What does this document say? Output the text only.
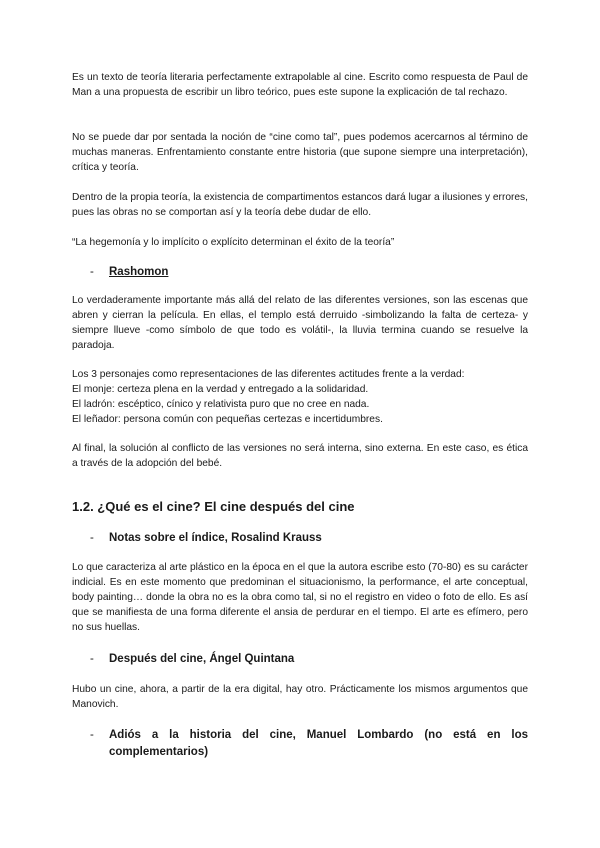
Es un texto de teoría literaria perfectamente extrapolable al cine. Escrito como respuesta de Paul de Man a una propuesta de escribir un libro teórico, pues este supone la explicación de tal rechazo.

No se puede dar por sentada la noción de “cine como tal”, pues podemos acercarnos al término de muchas maneras. Enfrentamiento constante entre historia (que supone siempre una interpretación), crítica y teoría.

Dentro de la propia teoría, la existencia de compartimentos estancos dará lugar a ilusiones y errores, pues las obras no se comportan así y la teoría debe dudar de ello.

“La hegemonía y lo implícito o explícito determinan el éxito de la teoría”

- Rashomon

Lo verdaderamente importante más allá del relato de las diferentes versiones, son las escenas que abren y cierran la película. En ellas, el templo está derruido -simbolizando la falta de certeza- y siempre llueve -como símbolo de que todo es volátil-, la lluvia termina cuando se resuelve la paradoja.

Los 3 personajes como representaciones de las diferentes actitudes frente a la verdad:
El monje: certeza plena en la verdad y entregado a la solidaridad.
El ladrón: escéptico, cínico y relativista puro que no cree en nada.
El leñador: persona común con pequeñas certezas e incertidumbres.

Al final, la solución al conflicto de las versiones no será interna, sino externa. En este caso, es ética a través de la adopción del bebé.

1.2. ¿Qué es el cine? El cine después del cine
- Notas sobre el índice, Rosalind Krauss

Lo que caracteriza al arte plástico en la época en el que la autora escribe esto (70-80) es su carácter indicial. Es en este momento que predominan el situacionismo, la performance, el arte conceptual, body painting… donde la obra no es la obra como tal, si no el registro en video o foto de ello. Es así que se manifiesta de una forma diferente el ansia de perdurar en el tiempo. El arte es efímero, pero no sus huellas.

- Después del cine, Ángel Quintana

Hubo un cine, ahora, a partir de la era digital, hay otro. Prácticamente los mismos argumentos que Manovich.

- Adiós a la historia del cine, Manuel Lombardo (no está en los complementarios)
